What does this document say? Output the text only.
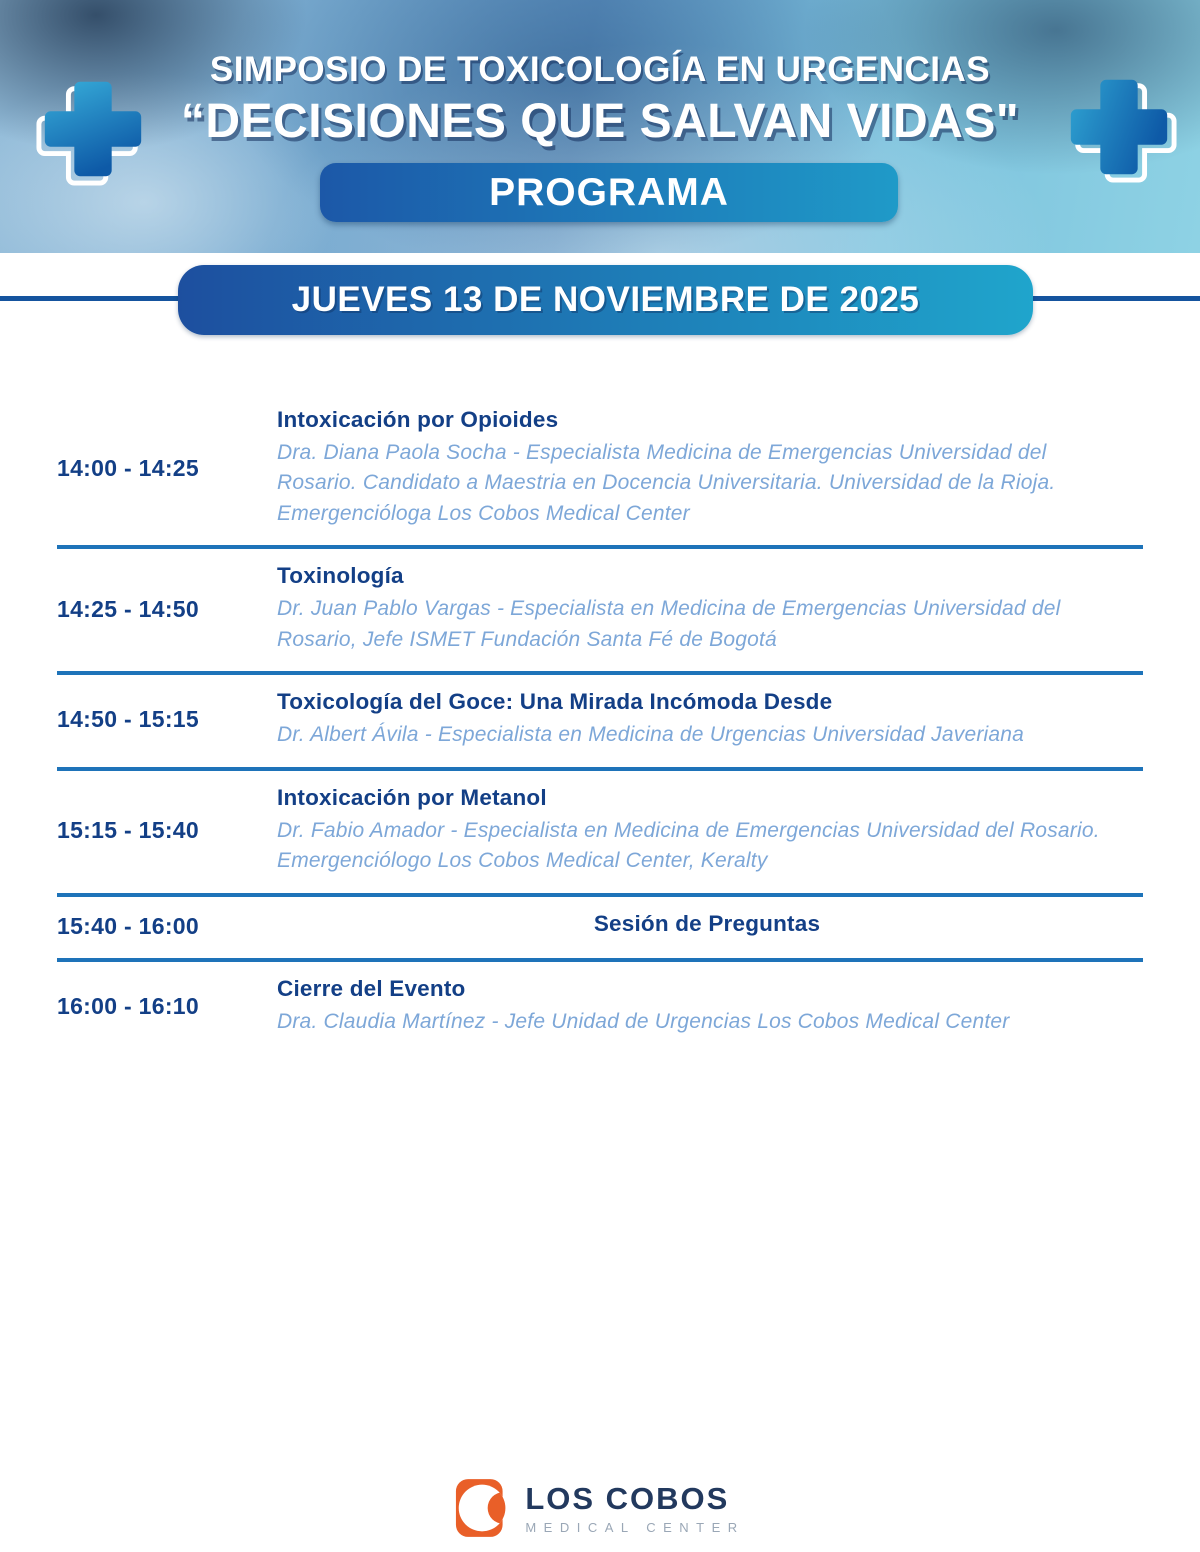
SIMPOSIO DE TOXICOLOGÍA EN URGENCIAS
“DECISIONES QUE SALVAN VIDAS"
PROGRAMA
JUEVES 13 DE NOVIEMBRE DE 2025
14:00 - 14:25
Intoxicación por Opioides
Dra. Diana Paola Socha - Especialista Medicina de Emergencias Universidad del Rosario. Candidato a Maestria en Docencia Universitaria. Universidad de la Rioja. Emergencióloga Los Cobos Medical Center
14:25 - 14:50
Toxinología
Dr. Juan Pablo Vargas - Especialista en Medicina de Emergencias Universidad del Rosario, Jefe ISMET Fundación Santa Fé de Bogotá
14:50 - 15:15
Toxicología del Goce: Una Mirada Incómoda Desde
Dr. Albert Ávila - Especialista en Medicina de Urgencias Universidad Javeriana
15:15 - 15:40
Intoxicación por Metanol
Dr. Fabio Amador - Especialista en Medicina de Emergencias Universidad del Rosario. Emergenciólogo Los Cobos Medical Center, Keralty
15:40 - 16:00	Sesión de Preguntas
16:00 - 16:10
Cierre del Evento
Dra. Claudia Martínez - Jefe Unidad de Urgencias Los Cobos Medical Center
LOS COBOS
MEDICAL CENTER
